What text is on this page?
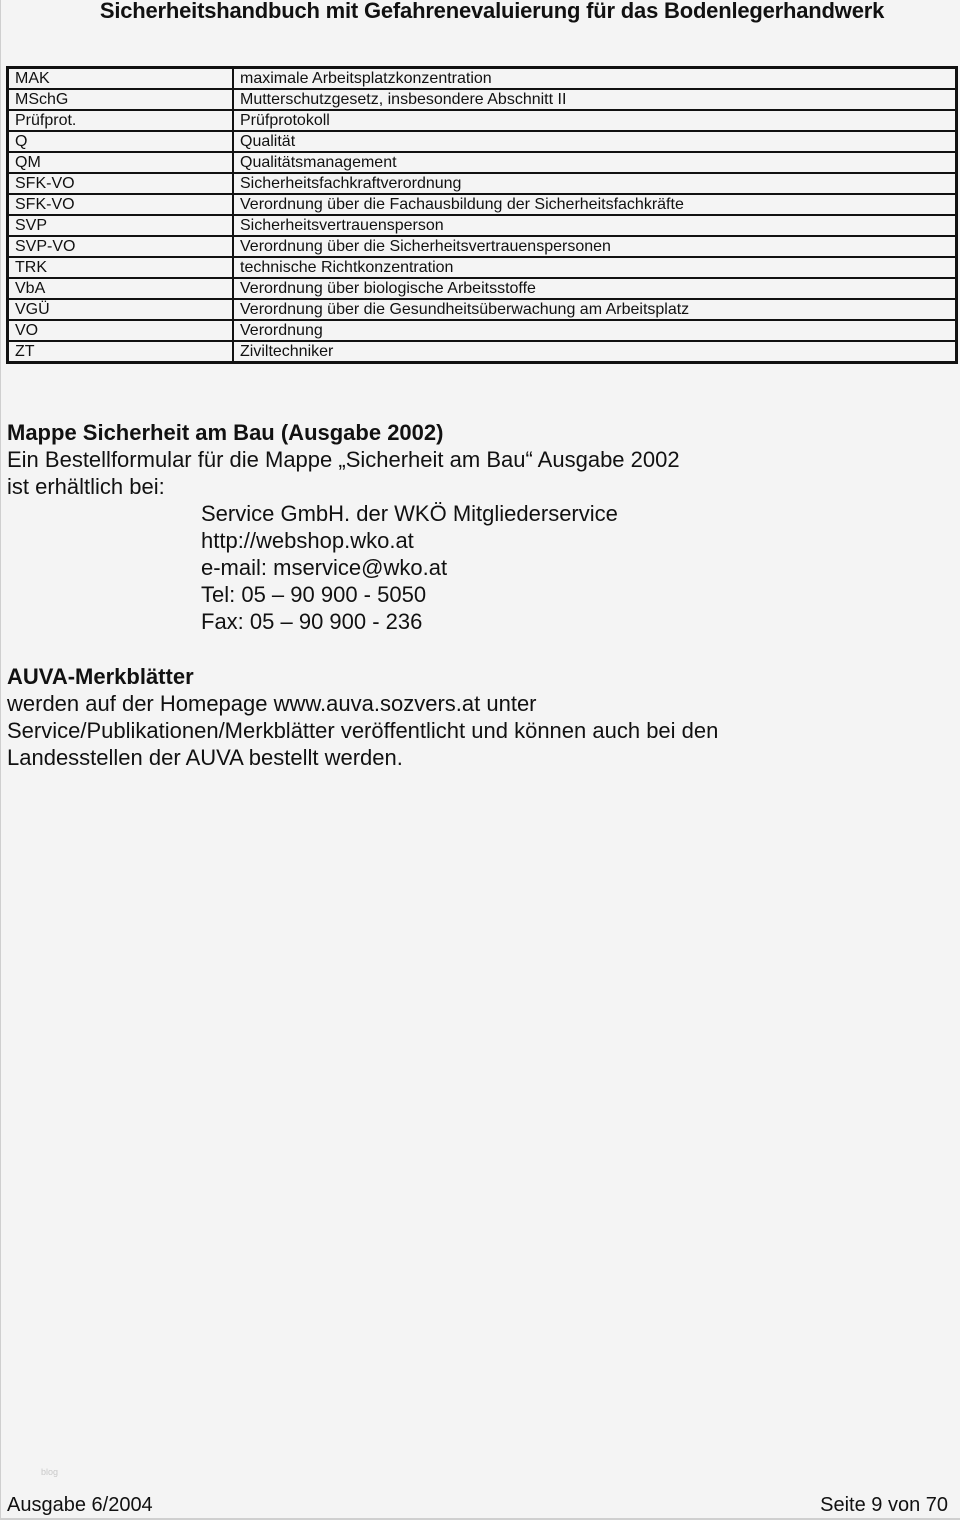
Sicherheitshandbuch mit Gefahrenevaluierung für das Bodenlegerhandwerk
MAK	maximale Arbeitsplatzkonzentration
MSchG	Mutterschutzgesetz, insbesondere Abschnitt II
Prüfprot.	Prüfprotokoll
Q	Qualität
QM	Qualitätsmanagement
SFK-VO	Sicherheitsfachkraftverordnung
SFK-VO	Verordnung über die Fachausbildung der Sicherheitsfachkräfte
SVP	Sicherheitsvertrauensperson
SVP-VO	Verordnung über die Sicherheitsvertrauenspersonen
TRK	technische Richtkonzentration
VbA	Verordnung über biologische Arbeitsstoffe
VGÜ	Verordnung über die Gesundheitsüberwachung am Arbeitsplatz
VO	Verordnung
ZT	Ziviltechniker
Mappe Sicherheit am Bau (Ausgabe 2002)
Ein Bestellformular für die Mappe „Sicherheit am Bau“ Ausgabe 2002
ist erhältlich bei:
Service GmbH. der WKÖ Mitgliederservice
http://webshop.wko.at
e-mail: mservice@wko.at
Tel: 05 – 90 900 - 5050
Fax: 05 – 90 900 - 236
AUVA-Merkblätter
werden auf der Homepage www.auva.sozvers.at unter
Service/Publikationen/Merkblätter veröffentlicht und können auch bei den
Landesstellen der AUVA bestellt werden.
blog
Ausgabe 6/2004	Seite 9 von 70
